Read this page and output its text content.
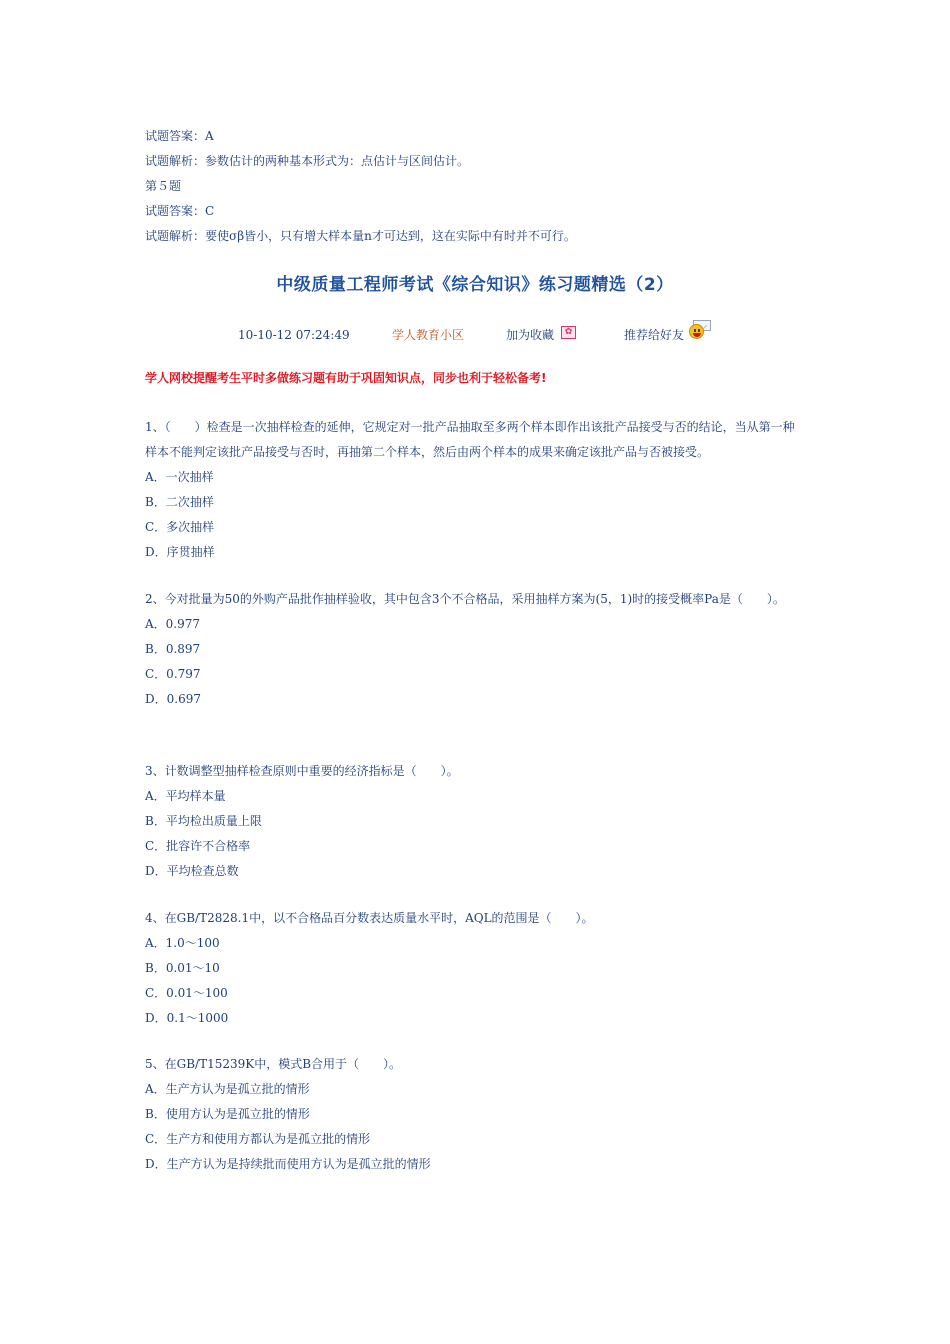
试题答案：A
试题解析：参数估计的两种基本形式为：点估计与区间估计。
第５题
试题答案：C
试题解析：要使σβ皆小，只有增大样本量n才可达到，这在实际中有时并不可行。
中级质量工程师考试《综合知识》练习题精选（2）
10-10-12 07:24:49	学人教育小区	加为收藏	推荐给好友
✿
学人网校提醒考生平时多做练习题有助于巩固知识点，同步也利于轻松备考!
1、（　　）检查是一次抽样检查的延伸，它规定对一批产品抽取至多两个样本即作出该批产品接受与否的结论，当从第一种样本不能判定该批产品接受与否时，再抽第二个样本，然后由两个样本的成果来确定该批产品与否被接受。
A．一次抽样
B．二次抽样
C．多次抽样
D．序贯抽样
2、今对批量为50的外购产品批作抽样验收，其中包含3个不合格品，采用抽样方案为(5，1)时的接受概率Pa是（　　）。
A．0.977
B．0.897
C．0.797
D．0.697
3、计数调整型抽样检查原则中重要的经济指标是（　　）。
A．平均样本量
B．平均检出质量上限
C．批容许不合格率
D．平均检查总数
4、在GB/T2828.1中，以不合格品百分数表达质量水平时，AQL的范围是（　　）。
A．1.0～100
B．0.01～10
C．0.01～100
D．0.1～1000
5、在GB/T15239K中，模式B合用于（　　）。
A．生产方认为是孤立批的情形
B．使用方认为是孤立批的情形
C．生产方和使用方都认为是孤立批的情形
D．生产方认为是持续批而使用方认为是孤立批的情形
